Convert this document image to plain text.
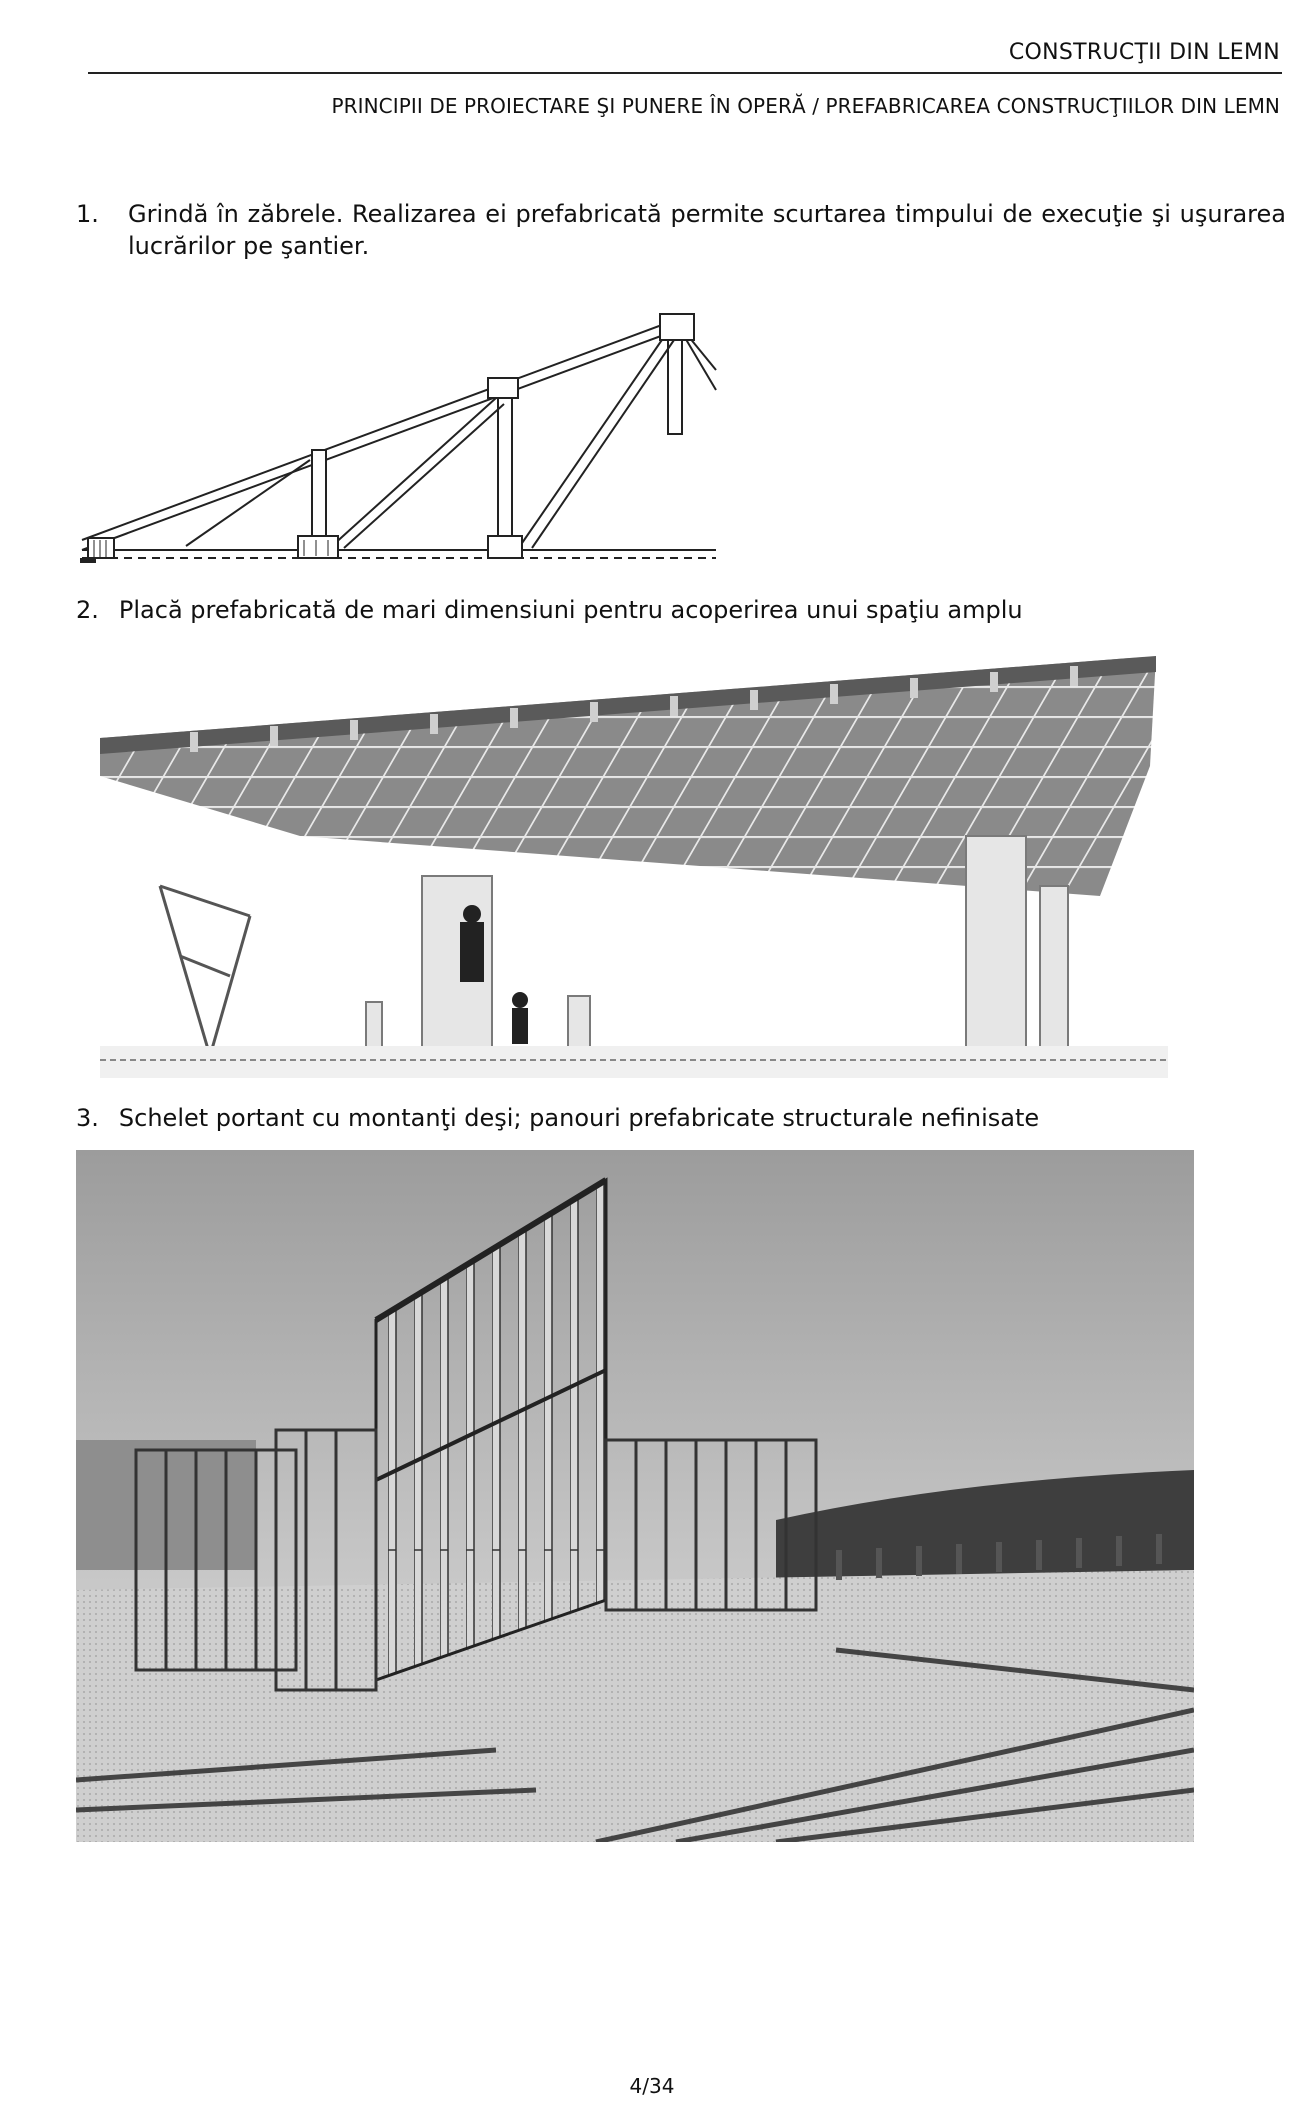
CONSTRUCŢII DIN LEMN
PRINCIPII DE PROIECTARE ŞI PUNERE ÎN OPERĂ / PREFABRICAREA CONSTRUCŢIILOR DIN LEMN
1. Grindă în zăbrele. Realizarea ei prefabricată permite scurtarea timpului de execuţie şi uşurarea lucrărilor pe şantier.
2. Placă prefabricată de mari dimensiuni pentru acoperirea unui spaţiu amplu
3. Schelet portant cu montanţi deşi; panouri prefabricate structurale nefinisate
4/34
